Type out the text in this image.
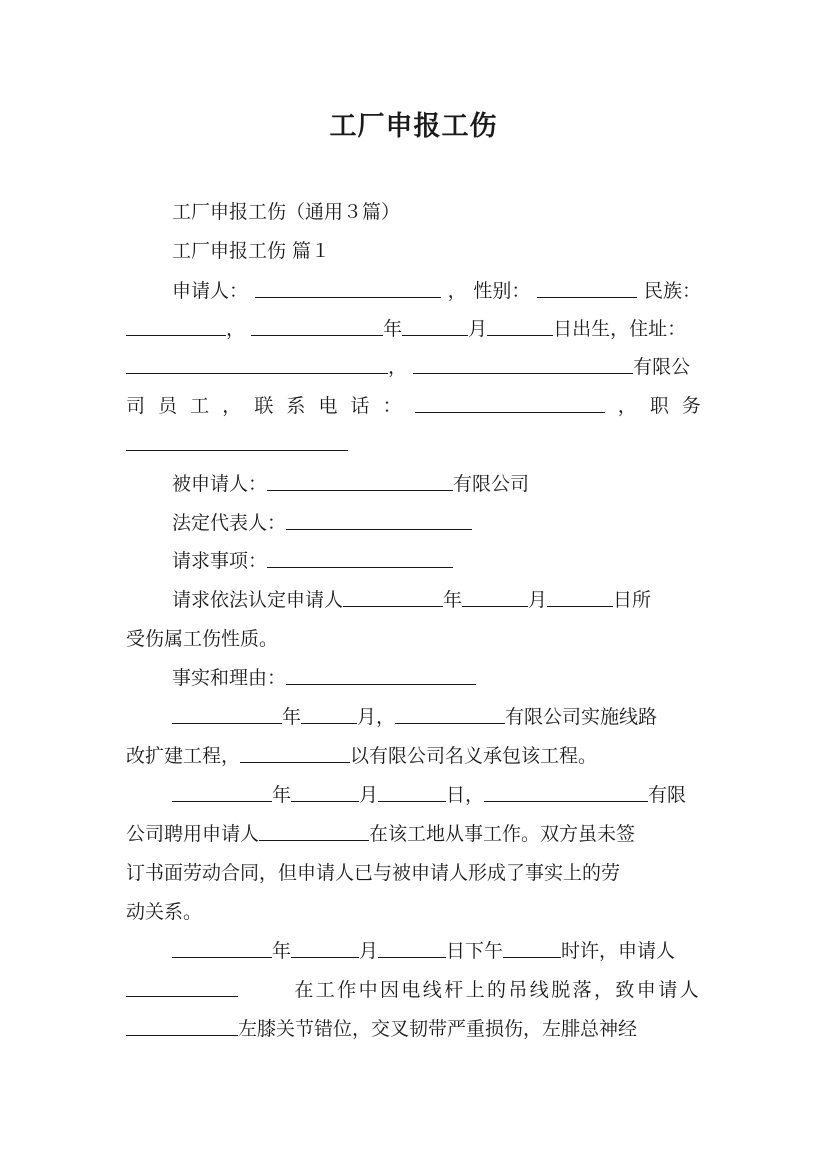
工厂申报工伤
工厂申报工伤（通用３篇）
工厂申报工伤 篇１
申请人：	， 性别：	民族：
，	年	月	日出生，住址：
，	有限公
司 员 工 ， 联 系 电 话 ：	， 职 务
被申请人：	有限公司
法定代表人：
请求事项：
请求依法认定申请人	年	月	日所
受伤属工伤性质。
事实和理由：
年	月，	有限公司实施线路
改扩建工程，	以有限公司名义承包该工程。
年	月	日，	有限
公司聘用申请人	在该工地从事工作。双方虽未签
订书面劳动合同，但申请人已与被申请人形成了事实上的劳
动关系。
年	月	日下午	时许，申请人
在工作中因电线杆上的吊线脱落，致申请人
左膝关节错位，交叉韧带严重损伤，左腓总神经
